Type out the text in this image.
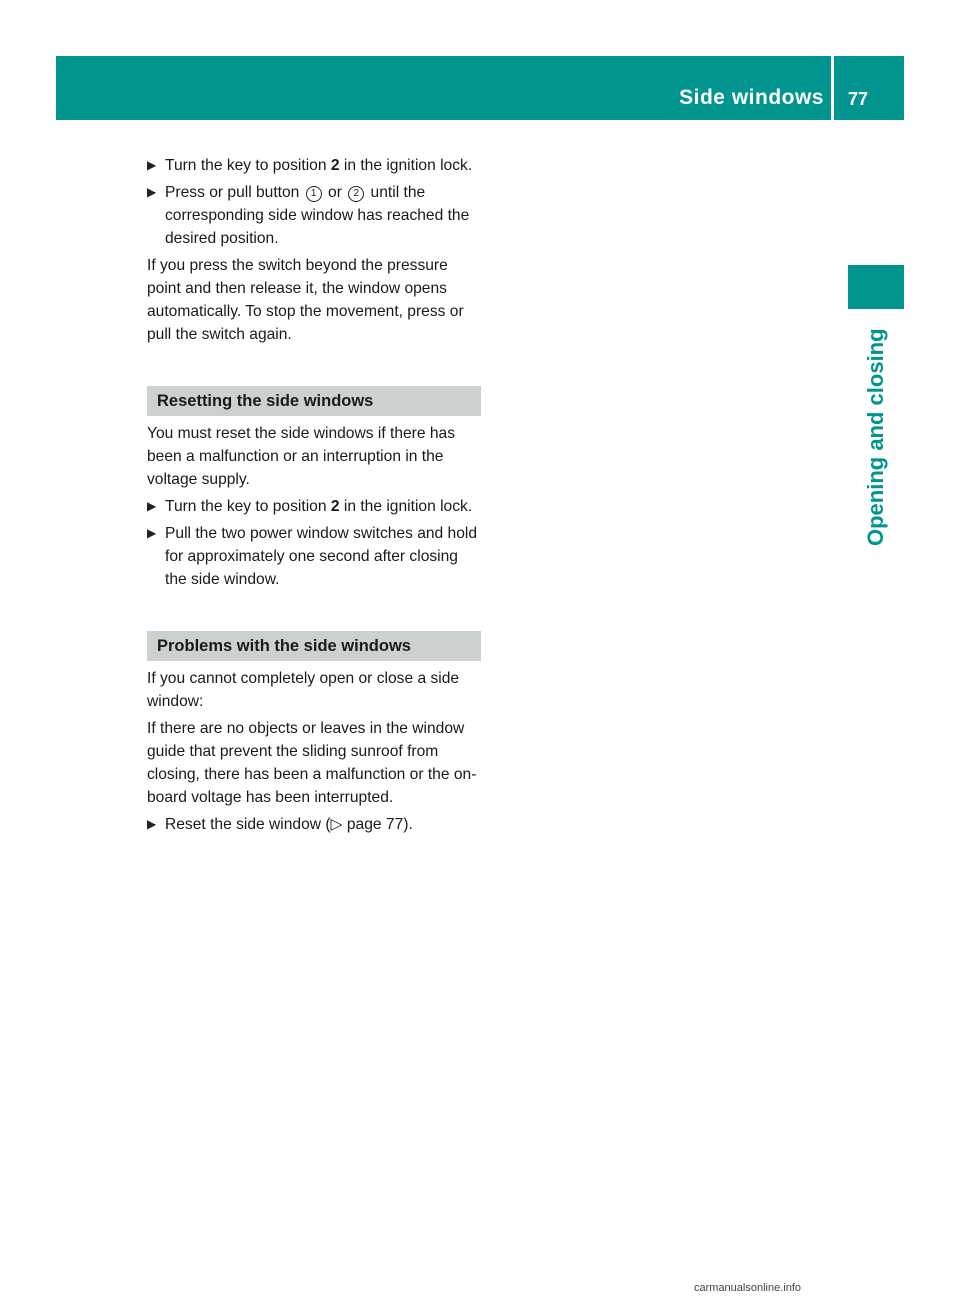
Side windows 77
Opening and closing
▶ Turn the key to position 2 in the ignition lock.
▶ Press or pull button 1 or 2 until the corresponding side window has reached the desired position.

If you press the switch beyond the pressure point and then release it, the window opens automatically. To stop the movement, press or pull the switch again.

Resetting the side windows

You must reset the side windows if there has been a malfunction or an interruption in the voltage supply.

▶ Turn the key to position 2 in the ignition lock.
▶ Pull the two power window switches and hold for approximately one second after closing the side window.
Problems with the side windows

If you cannot completely open or close a side window:

If there are no objects or leaves in the window guide that prevent the sliding sunroof from closing, there has been a malfunction or the on-board voltage has been interrupted.

▶ Reset the side window (▷ page 77).
carmanualsonline.info
